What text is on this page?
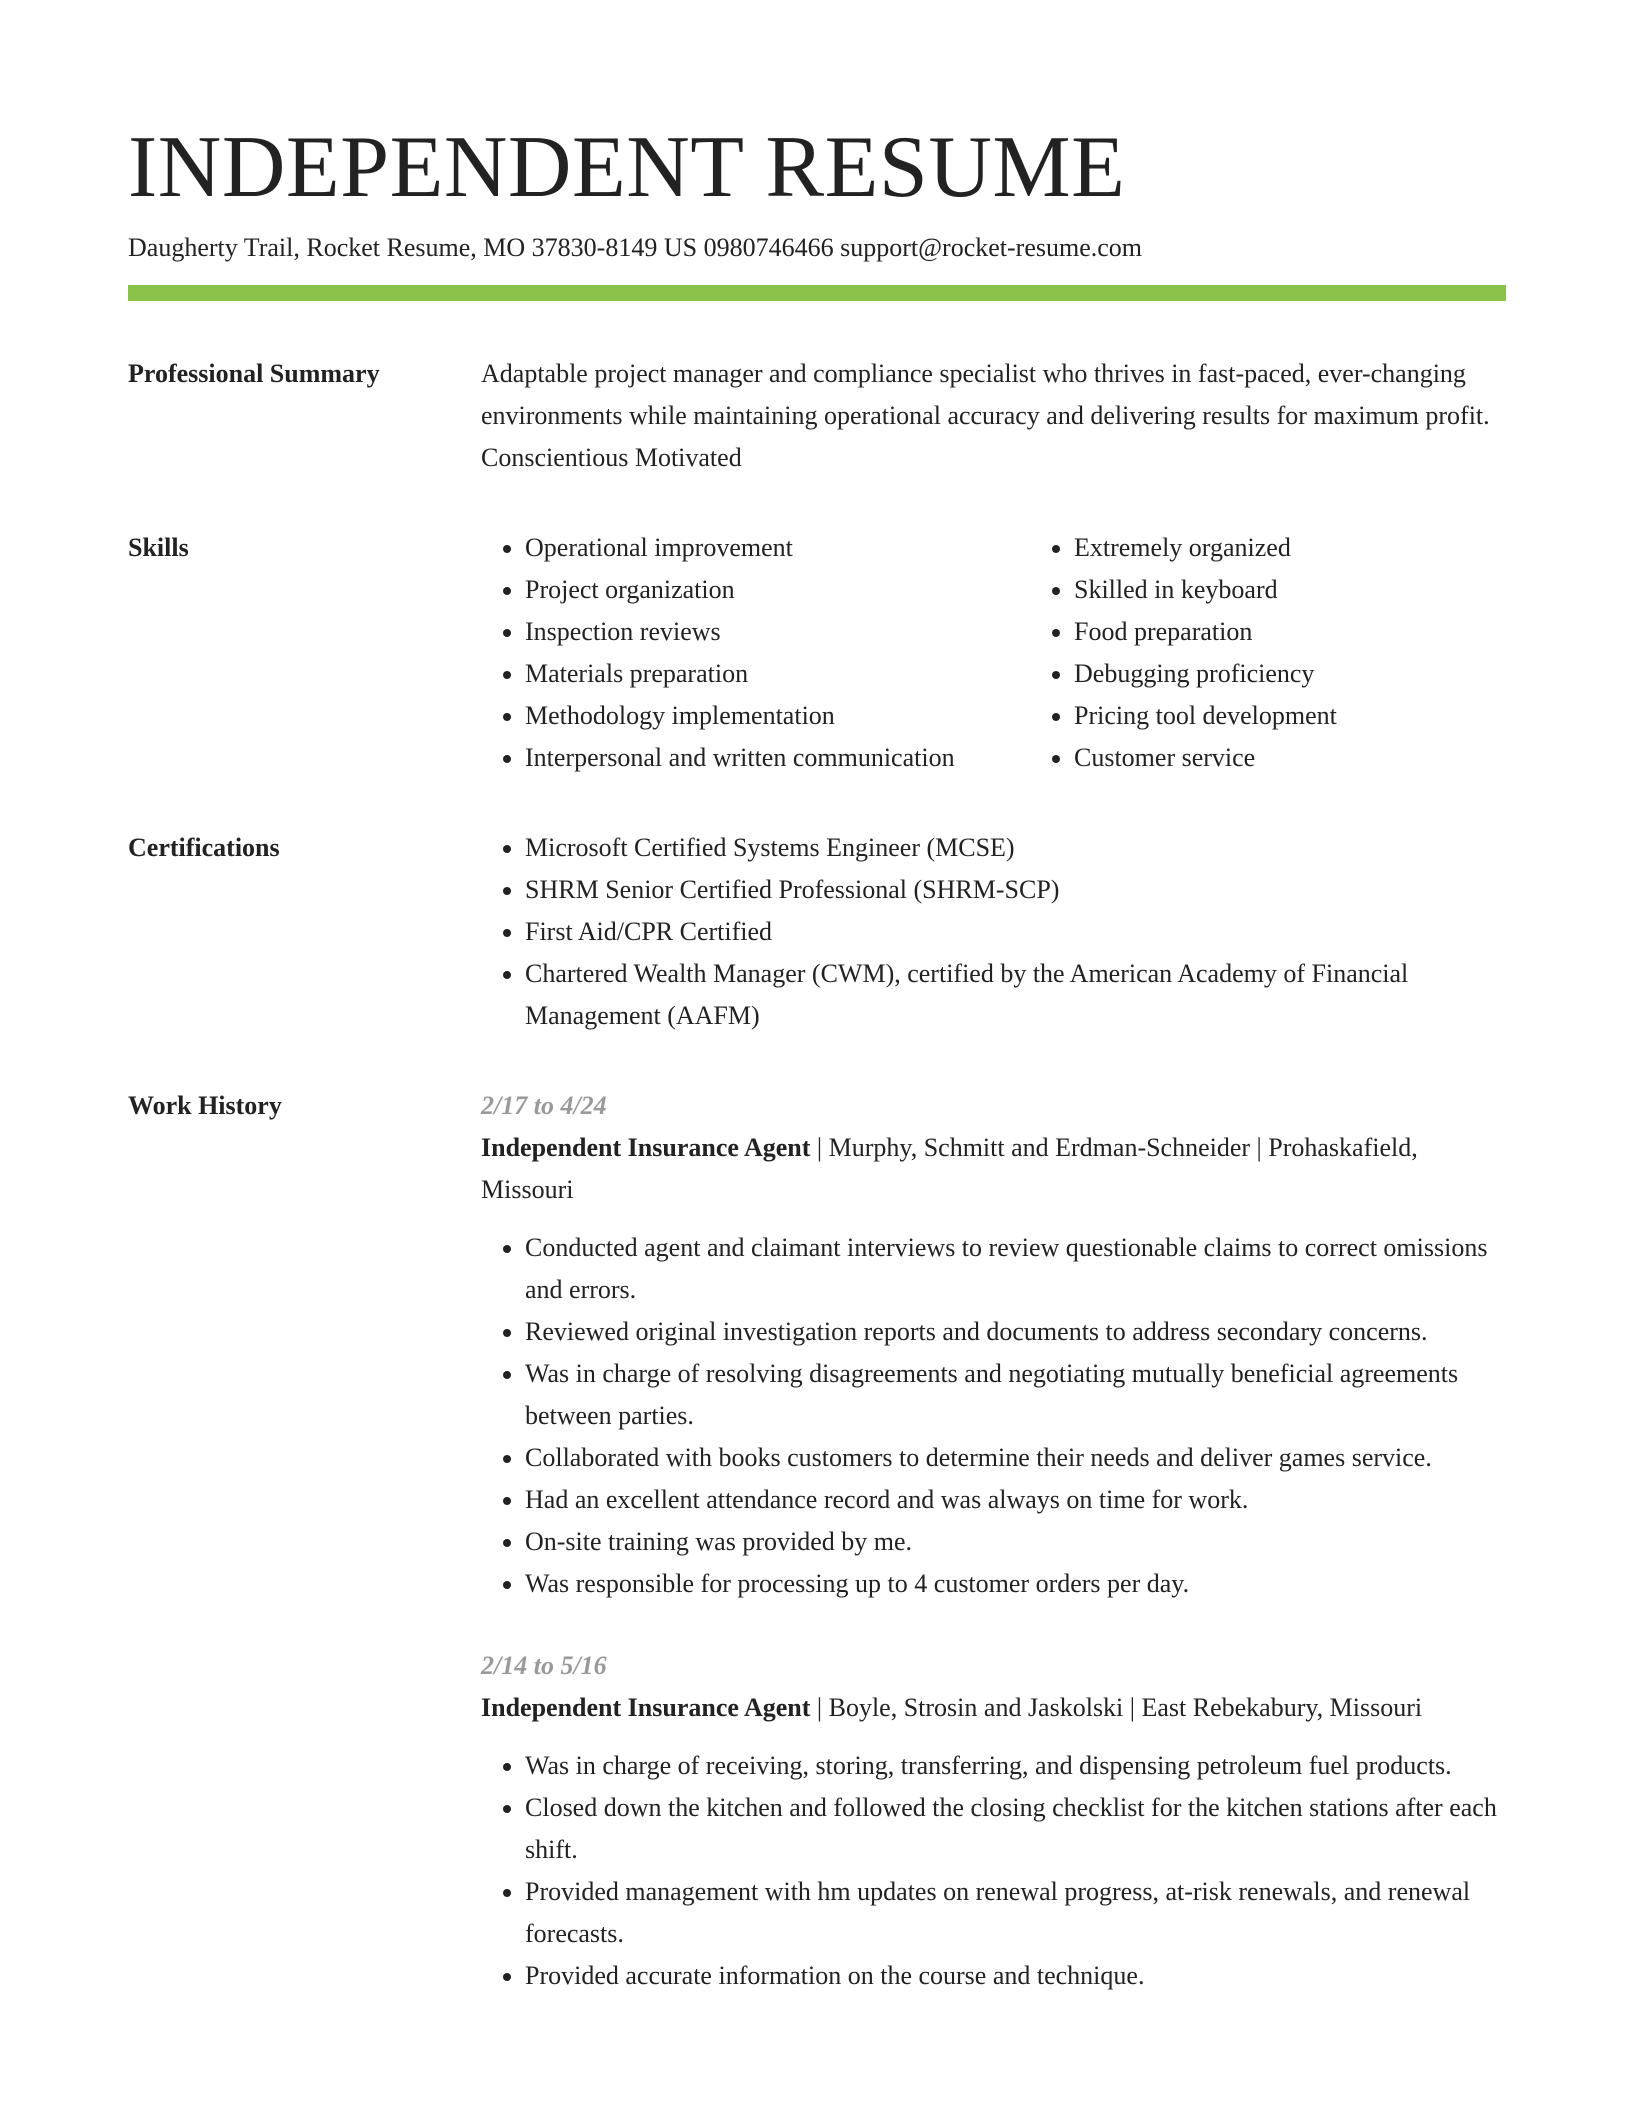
INDEPENDENT RESUME
Daugherty Trail, Rocket Resume, MO 37830-8149 US 0980746466 support@rocket-resume.com
Professional Summary	Adaptable project manager and compliance specialist who thrives in fast-paced, ever-changing environments while maintaining operational accuracy and delivering results for maximum profit. Conscientious Motivated

Skills	• Operational improvement
• Project organization
• Inspection reviews
• Materials preparation
• Methodology implementation
• Interpersonal and written communication
• Extremely organized
• Skilled in keyboard
• Food preparation
• Debugging proficiency
• Pricing tool development
• Customer service
Certifications	• Microsoft Certified Systems Engineer (MCSE)
• SHRM Senior Certified Professional (SHRM-SCP)
• First Aid/CPR Certified
• Chartered Wealth Manager (CWM), certified by the American Academy of Financial Management (AAFM)
Work History	2/17 to 4/24
Independent Insurance Agent | Murphy, Schmitt and Erdman-Schneider | Prohaskafield, Missouri
• Conducted agent and claimant interviews to review questionable claims to correct omissions and errors.
• Reviewed original investigation reports and documents to address secondary concerns.
• Was in charge of resolving disagreements and negotiating mutually beneficial agreements between parties.
• Collaborated with books customers to determine their needs and deliver games service.
• Had an excellent attendance record and was always on time for work.
• On-site training was provided by me.
• Was responsible for processing up to 4 customer orders per day.
2/14 to 5/16
Independent Insurance Agent | Boyle, Strosin and Jaskolski | East Rebekabury, Missouri
• Was in charge of receiving, storing, transferring, and dispensing petroleum fuel products.
• Closed down the kitchen and followed the closing checklist for the kitchen stations after each shift.
• Provided management with hm updates on renewal progress, at-risk renewals, and renewal forecasts.
• Provided accurate information on the course and technique.
